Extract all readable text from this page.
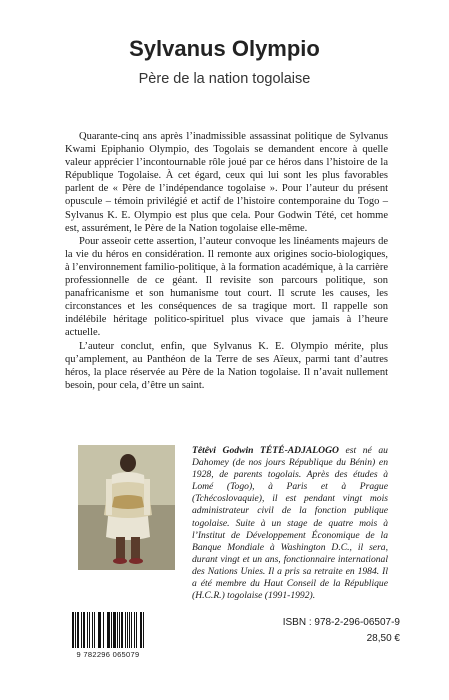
Sylvanus Olympio
Père de la nation togolaise

Quarante-cinq ans après l’inadmissible assassinat politique de Sylvanus Kwami Epiphanio Olympio, des Togolais se demandent encore à quelle valeur apprécier l’incontournable rôle joué par ce héros dans l’histoire de la République Togolaise. À cet égard, ceux qui lui sont les plus favorables parlent de « Père de l’indépendance togolaise ». Pour l’auteur du présent opuscule – témoin privilégié et actif de l’histoire contemporaine du Togo – Sylvanus K. E. Olympio est plus que cela. Pour Godwin Tété, cet homme est, assurément, le Père de la Nation togolaise elle-même.

Pour asseoir cette assertion, l’auteur convoque les linéaments majeurs de la vie du héros en considération. Il remonte aux origines socio-biologiques, à l’environnement familio-politique, à la formation académique, à la carrière professionnelle de ce géant. Il revisite son parcours politique, son panafricanisme et son humanisme tout court. Il scrute les causes, les circonstances et les conséquences de sa tragique mort. Il rappelle son indélébile héritage politico-spirituel plus vivace que jamais à l’heure actuelle.

L’auteur conclut, enfin, que Sylvanus K. E. Olympio mérite, plus qu’amplement, au Panthéon de la Terre de ses Aïeux, parmi tant d’autres héros, la place réservée au Père de la Nation togolaise. Il n’avait nullement besoin, pour cela, d’être un saint.

Têtêvi Godwin TÉTÉ-ADJALOGO est né au Dahomey (de nos jours République du Bénin) en 1928, de parents togolais. Après des études à Lomé (Togo), à Paris et à Prague (Tchécoslovaquie), il est pendant vingt mois administrateur civil de la fonction publique togolaise. Suite à un stage de quatre mois à l’Institut de Développement Économique de la Banque Mondiale à Washington D.C., il sera, durant vingt et un ans, fonctionnaire international des Nations Unies. Il a pris sa retraite en 1984. Il a été membre du Haut Conseil de la République (H.C.R.) togolaise (1991-1992).

9 782296 065079
ISBN : 978-2-296-06507-9
28,50 €
